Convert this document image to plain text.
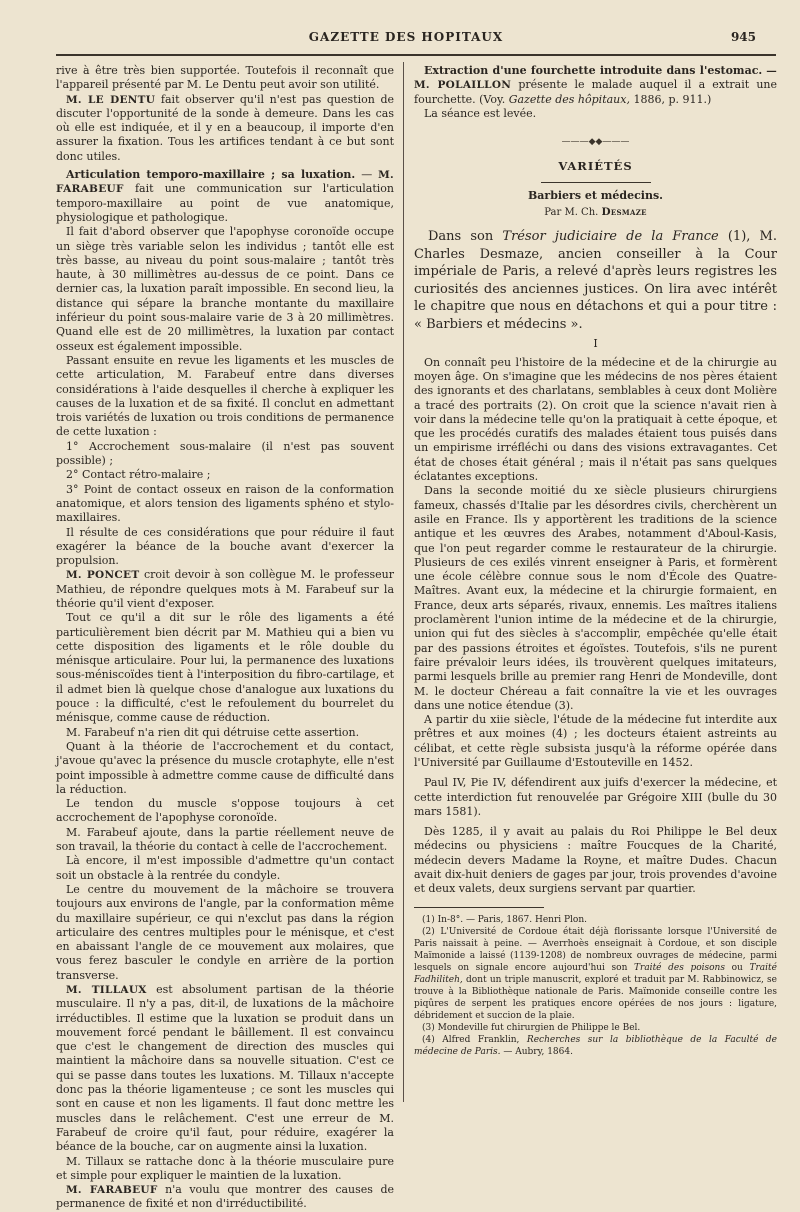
GAZETTE DES HOPITAUX	945

rive à être très bien supportée. Toutefois il reconnaît que l'appareil présenté par M. Le Dentu peut avoir son utilité.

M. LE DENTU fait observer qu'il n'est pas question de discuter l'opportunité de la sonde à demeure. Dans les cas où elle est indiquée, et il y en a beaucoup, il importe d'en assurer la fixation. Tous les artifices tendant à ce but sont donc utiles.

Articulation temporo-maxillaire ; sa luxation. — M. FARABEUF fait une communication sur l'articulation temporo-maxillaire au point de vue anatomique, physiologique et pathologique.

Il fait d'abord observer que l'apophyse coronoïde occupe un siège très variable selon les individus ; tantôt elle est très basse, au niveau du point sous-malaire ; tantôt très haute, à 30 millimètres au-dessus de ce point. Dans ce dernier cas, la luxation paraît impossible. En second lieu, la distance qui sépare la branche montante du maxillaire inférieur du point sous-malaire varie de 3 à 20 millimètres. Quand elle est de 20 millimètres, la luxation par contact osseux est également impossible.

Passant ensuite en revue les ligaments et les muscles de cette articulation, M. Farabeuf entre dans diverses considérations à l'aide desquelles il cherche à expliquer les causes de la luxation et de sa fixité. Il conclut en admettant trois variétés de luxation ou trois conditions de permanence de cette luxation :

1° Accrochement sous-malaire (il n'est pas souvent possible) ;

2° Contact rétro-malaire ;

3° Point de contact osseux en raison de la conformation anatomique, et alors tension des ligaments sphéno et stylo-maxillaires.

Il résulte de ces considérations que pour réduire il faut exagérer la béance de la bouche avant d'exercer la propulsion.

M. PONCET croit devoir à son collègue M. le professeur Mathieu, de répondre quelques mots à M. Farabeuf sur la théorie qu'il vient d'exposer.

Tout ce qu'il a dit sur le rôle des ligaments a été particulièrement bien décrit par M. Mathieu qui a bien vu cette disposition des ligaments et le rôle double du ménisque articulaire. Pour lui, la permanence des luxations sous-méniscoïdes tient à l'interposition du fibro-cartilage, et il admet bien là quelque chose d'analogue aux luxations du pouce : la difficulté, c'est le refoulement du bourrelet du ménisque, comme cause de réduction.

M. Farabeuf n'a rien dit qui détruise cette assertion.

Quant à la théorie de l'accrochement et du contact, j'avoue qu'avec la présence du muscle crotaphyte, elle n'est point impossible à admettre comme cause de difficulté dans la réduction.

Le tendon du muscle s'oppose toujours à cet accrochement de l'apophyse coronoïde.

M. Farabeuf ajoute, dans la partie réellement neuve de son travail, la théorie du contact à celle de l'accrochement.

Là encore, il m'est impossible d'admettre qu'un contact soit un obstacle à la rentrée du condyle.

Le centre du mouvement de la mâchoire se trouvera toujours aux environs de l'angle, par la conformation même du maxillaire supérieur, ce qui n'exclut pas dans la région articulaire des centres multiples pour le ménisque, et c'est en abaissant l'angle de ce mouvement aux molaires, que vous ferez basculer le condyle en arrière de la portion transverse.

M. TILLAUX est absolument partisan de la théorie musculaire. Il n'y a pas, dit-il, de luxations de la mâchoire irréductibles. Il estime que la luxation se produit dans un mouvement forcé pendant le bâillement. Il est convaincu que c'est le changement de direction des muscles qui maintient la mâchoire dans sa nouvelle situation. C'est ce qui se passe dans toutes les luxations. M. Tillaux n'accepte donc pas la théorie ligamenteuse ; ce sont les muscles qui sont en cause et non les ligaments. Il faut donc mettre les muscles dans le relâchement. C'est une erreur de M. Farabeuf de croire qu'il faut, pour réduire, exagérer la béance de la bouche, car on augmente ainsi la luxation.

M. Tillaux se rattache donc à la théorie musculaire pure et simple pour expliquer le maintien de la luxation.

M. FARABEUF n'a voulu que montrer des causes de permanence de fixité et non d'irréductibilité.

Extraction d'une fourchette introduite dans l'estomac. — M. POLAILLON présente le malade auquel il a extrait une fourchette. (Voy. Gazette des hôpitaux, 1886, p. 911.)

La séance est levée.

———◆◆———
VARIÉTÉS
Barbiers et médecins.
Par M. Ch. Desmaze

Dans son Trésor judiciaire de la France (1), M. Charles Desmaze, ancien conseiller à la Cour impériale de Paris, a relevé d'après leurs registres les curiosités des anciennes justices. On lira avec intérêt le chapitre que nous en détachons et qui a pour titre : « Barbiers et médecins ».

I

On connaît peu l'histoire de la médecine et de la chirurgie au moyen âge. On s'imagine que les médecins de nos pères étaient des ignorants et des charlatans, semblables à ceux dont Molière a tracé des portraits (2). On croit que la science n'avait rien à voir dans la médecine telle qu'on la pratiquait à cette époque, et que les procédés curatifs des malades étaient tous puisés dans un empirisme irréfléchi ou dans des visions extravagantes. Cet état de choses était général ; mais il n'était pas sans quelques éclatantes exceptions.

Dans la seconde moitié du xe siècle plusieurs chirurgiens fameux, chassés d'Italie par les désordres civils, cherchèrent un asile en France. Ils y apportèrent les traditions de la science antique et les œuvres des Arabes, notamment d'Aboul-Kasis, que l'on peut regarder comme le restaurateur de la chirurgie. Plusieurs de ces exilés vinrent enseigner à Paris, et formèrent une école célèbre connue sous le nom d'École des Quatre-Maîtres. Avant eux, la médecine et la chirurgie formaient, en France, deux arts séparés, rivaux, ennemis. Les maîtres italiens proclamèrent l'union intime de la médecine et de la chirurgie, union qui fut des siècles à s'accomplir, empêchée qu'elle était par des passions étroites et égoïstes. Toutefois, s'ils ne purent faire prévaloir leurs idées, ils trouvèrent quelques imitateurs, parmi lesquels brille au premier rang Henri de Mondeville, dont M. le docteur Chéreau a fait connaître la vie et les ouvrages dans une notice étendue (3).

A partir du xiie siècle, l'étude de la médecine fut interdite aux prêtres et aux moines (4) ; les docteurs étaient astreints au célibat, et cette règle subsista jusqu'à la réforme opérée dans l'Université par Guillaume d'Estouteville en 1452.

Paul IV, Pie IV, défendirent aux juifs d'exercer la médecine, et cette interdiction fut renouvelée par Grégoire XIII (bulle du 30 mars 1581).

Dès 1285, il y avait au palais du Roi Philippe le Bel deux médecins ou physiciens : maître Foucques de la Charité, médecin devers Madame la Royne, et maître Dudes. Chacun avait dix-huit deniers de gages par jour, trois provendes d'avoine et deux valets, deux surgiens servant par quartier.

(1) In-8°. — Paris, 1867. Henri Plon.

(2) L'Université de Cordoue était déjà florissante lorsque l'Université de Paris naissait à peine. — Averrhoès enseignait à Cordoue, et son disciple Maïmonide a laissé (1139-1208) de nombreux ouvrages de médecine, parmi lesquels on signale encore aujourd'hui son Traité des poisons ou Traité Fadhiliteh, dont un triple manuscrit, exploré et traduit par M. Rabbinowicz, se trouve à la Bibliothèque nationale de Paris. Maïmonide conseille contre les piqûres de serpent les pratiques encore opérées de nos jours : ligature, débridement et succion de la plaie.

(3) Mondeville fut chirurgien de Philippe le Bel.

(4) Alfred Franklin, Recherches sur la bibliothèque de la Faculté de médecine de Paris. — Aubry, 1864.
